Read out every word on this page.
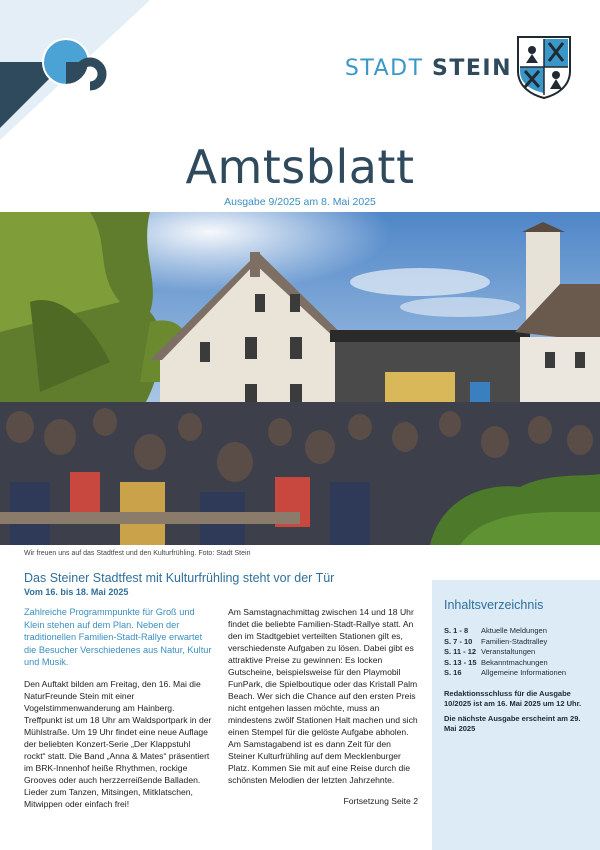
STADT STEIN
Amtsblatt
Ausgabe 9/2025 am 8. Mai 2025
Wir freuen uns auf das Stadtfest und den Kulturfrühling. Foto: Stadt Stein
Das Steiner Stadtfest mit Kulturfrühling steht vor der Tür
Vom 16. bis 18. Mai 2025

Zahlreiche Programmpunkte für Groß und Klein stehen auf dem Plan. Neben der traditionellen Familien-Stadt-Rallye erwartet die Besucher Verschiedenes aus Natur, Kultur und Musik.

Den Auftakt bilden am Freitag, den 16. Mai die NaturFreunde Stein mit einer Vogelstimmenwanderung am Hainberg. Treffpunkt ist um 18 Uhr am Waldsportpark in der Mühlstraße. Um 19 Uhr findet eine neue Auflage der beliebten Konzert-Serie „Der Klappstuhl rockt“ statt. Die Band „Anna & Mates“ präsentiert im BRK-Innenhof heiße Rhythmen, rockige Grooves oder auch herzzerreißende Balladen. Lieder zum Tanzen, Mitsingen, Mitklatschen, Mitwippen oder einfach frei!

Am Samstagnachmittag zwischen 14 und 18 Uhr findet die beliebte Familien-Stadt-Rallye statt. An den im Stadtgebiet verteilten Stationen gilt es, verschiedenste Aufgaben zu lösen. Dabei gibt es attraktive Preise zu gewinnen: Es locken Gutscheine, beispielsweise für den Playmobil FunPark, die Spielboutique oder das Kristall Palm Beach. Wer sich die Chance auf den ersten Preis nicht entgehen lassen möchte, muss an mindestens zwölf Stationen Halt machen und sich einen Stempel für die gelöste Aufgabe abholen. Am Samstagabend ist es dann Zeit für den Steiner Kulturfrühling auf dem Mecklenburger Platz. Kommen Sie mit auf eine Reise durch die schönsten Melodien der letzten Jahrzehnte.

Fortsetzung Seite 2
Inhaltsverzeichnis
S. 1 - 8	Aktuelle Meldungen
S. 7 - 10	Familien-Stadtralley
S. 11 - 12 Veranstaltungen
S. 13 - 15 Bekanntmachungen
S. 16	Allgemeine Informationen
Redaktionsschluss für die Ausgabe 10/2025 ist am 16. Mai 2025 um 12 Uhr.
Die nächste Ausgabe erscheint am 29. Mai 2025
